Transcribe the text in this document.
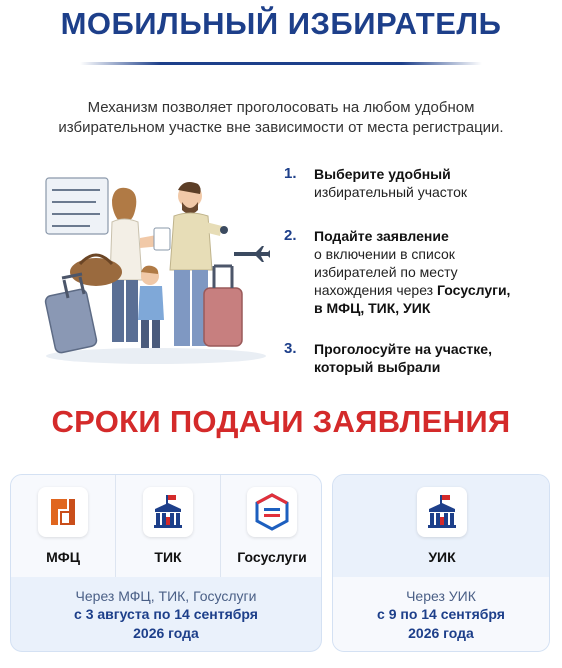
МОБИЛЬНЫЙ ИЗБИРАТЕЛЬ
Механизм позволяет проголосовать на любом удобном
избирательном участке вне зависимости от места регистрации.
1. Выберите удобный
избирательный участок
2. Подайте заявление
о включении в список
избирателей по месту
нахождения через Госуслуги,
в МФЦ, ТИК, УИК
3. Проголосуйте на участке,
который выбрали
СРОКИ ПОДАЧИ ЗАЯВЛЕНИЯ
МФЦ	ТИК	Госуслуги
Через МФЦ, ТИК, Госуслуги
с 3 августа по 14 сентября
2026 года
УИК
Через УИК
с 9 по 14 сентября
2026 года
